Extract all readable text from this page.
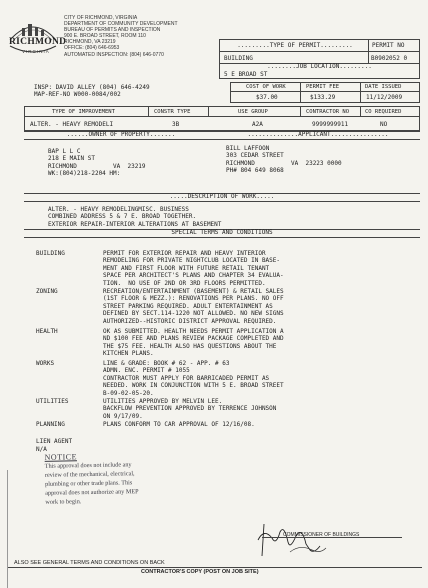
RICHMOND
VIRGINIA
CITY OF RICHMOND, VIRGINIA
DEPARTMENT OF COMMUNITY DEVELOPMENT
BUREAU OF PERMITS AND INSPECTION
900 E. BROAD STREET, ROOM 110
RICHMOND, VA 23219
OFFICE: (804) 646-6953
AUTOMATED INSPECTION: (804) 646-0770
.........TYPE OF PERMIT.........	PERMIT NO
BUILDING	B0902052 0
........JOB LOCATION.........
5 E BROAD ST
INSP: DAVID ALLEY (804) 646-4249
MAP-REF-NO W000-0084/002
COST OF WORK	PERMIT FEE	DATE ISSUED
$37.00	$133.29	11/12/2009
TYPE OF IMPROVEMENT	CONSTR TYPE	USE GROUP	CONTRACTOR NO	CO REQUIRED
ALTER. - HEAVY REMODELI	3B	A2A	9999999911	NO
......OWNER OF PROPERTY.......	..............APPLICANT................
BAP L L C
218 E MAIN ST
RICHMOND          VA  23219
WK:(804)218-2204 HM:
BILL LAFFOON
303 CEDAR STREET
RICHMOND          VA  23223 0000
PH# 804 649 8068
.....DESCRIPTION OF WORK.....
ALTER. - HEAVY REMODELINGMISC. BUSINESS
COMBINED ADDRESS 5 & 7 E. BROAD TOGETHER.
EXTERIOR REPAIR-INTERIOR ALTERATIONS AT BASEMENT
SPECIAL TERMS AND CONDITIONS
BUILDING	PERMIT FOR EXTERIOR REPAIR AND HEAVY INTERIOR
REMODELING FOR PRIVATE NIGHTCLUB LOCATED IN BASE-
MENT AND FIRST FLOOR WITH FUTURE RETAIL TENANT
SPACE PER ARCHITECT'S PLANS AND CHAPTER 34 EVALUA-
TION.  NO USE OF 2ND OR 3RD FLOORS PERMITTED.
ZONING	RECREATION/ENTERTAINMENT (BASEMENT) & RETAIL SALES
(1ST FLOOR & MEZZ.): RENOVATIONS PER PLANS. NO OFF
STREET PARKING REQUIRED. ADULT ENTERTAINMENT AS
DEFINED BY SECT.114-1220 NOT ALLOWED. NO NEW SIGNS
AUTHORIZED--HISTORIC DISTRICT APPROVAL REQUIRED.
HEALTH	OK AS SUBMITTED. HEALTH NEEDS PERMIT APPLICATION A
ND $100 FEE AND PLANS REVIEW PACKAGE COMPLETED AND
THE $75 FEE. HEALTH ALSO HAS QUESTIONS ABOUT THE
KITCHEN PLANS.
WORKS	LINE & GRADE: BOOK # 62 - APP. # 63
ADMN. ENC. PERMIT # 1055
CONTRACTOR MUST APPLY FOR BARRICADED PERMIT AS
NEEDED. WORK IN CONJUNCTION WITH 5 E. BROAD STREET
B-09-02-05-20.
UTILITIES	UTILITIES APPROVED BY MELVIN LEE.
BACKFLOW PREVENTION APPROVED BY TERRENCE JOHNSON
ON 9/17/09.
PLANNING	PLANS CONFORM TO CAR APPROVAL OF 12/16/08.
LIEN AGENT
N/A
NOTICE
This approval does not include any
review of the mechanical, electrical,
plumbing or other trade plans. This
approval does not authorize any MEP
work to begin.
COMMISSIONER OF BUILDINGS
ALSO SEE GENERAL TERMS AND CONDITIONS ON BACK
CONTRACTOR'S COPY (POST ON JOB SITE)
